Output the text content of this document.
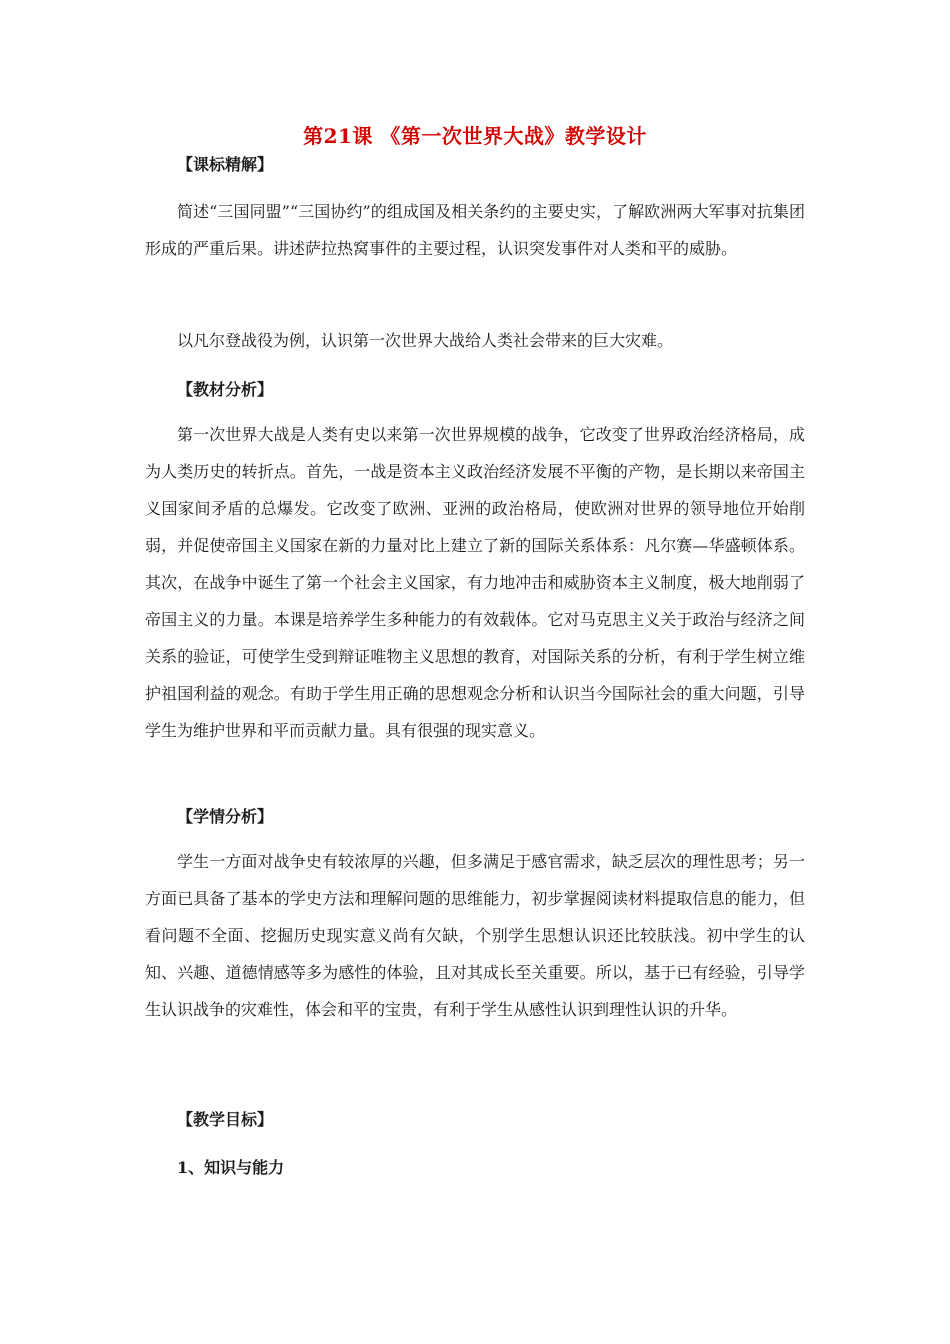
第21课 《第一次世界大战》教学设计
【课标精解】

简述“三国同盟”“三国协约”的组成国及相关条约的主要史实，了解欧洲两大军事对抗集团形成的严重后果。讲述萨拉热窝事件的主要过程，认识突发事件对人类和平的威胁。

以凡尔登战役为例，认识第一次世界大战给人类社会带来的巨大灾难。

【教材分析】

第一次世界大战是人类有史以来第一次世界规模的战争，它改变了世界政治经济格局，成为人类历史的转折点。首先，一战是资本主义政治经济发展不平衡的产物，是长期以来帝国主义国家间矛盾的总爆发。它改变了欧洲、亚洲的政治格局，使欧洲对世界的领导地位开始削弱，并促使帝国主义国家在新的力量对比上建立了新的国际关系体系：凡尔赛—华盛顿体系。其次，在战争中诞生了第一个社会主义国家，有力地冲击和威胁资本主义制度，极大地削弱了帝国主义的力量。本课是培养学生多种能力的有效载体。它对马克思主义关于政治与经济之间关系的验证，可使学生受到辩证唯物主义思想的教育，对国际关系的分析，有利于学生树立维护祖国利益的观念。有助于学生用正确的思想观念分析和认识当今国际社会的重大问题，引导学生为维护世界和平而贡献力量。具有很强的现实意义。

【学情分析】

学生一方面对战争史有较浓厚的兴趣，但多满足于感官需求，缺乏层次的理性思考；另一方面已具备了基本的学史方法和理解问题的思维能力，初步掌握阅读材料提取信息的能力，但看问题不全面、挖掘历史现实意义尚有欠缺，个别学生思想认识还比较肤浅。初中学生的认知、兴趣、道德情感等多为感性的体验，且对其成长至关重要。所以，基于已有经验，引导学生认识战争的灾难性，体会和平的宝贵，有利于学生从感性认识到理性认识的升华。

【教学目标】
1、知识与能力
